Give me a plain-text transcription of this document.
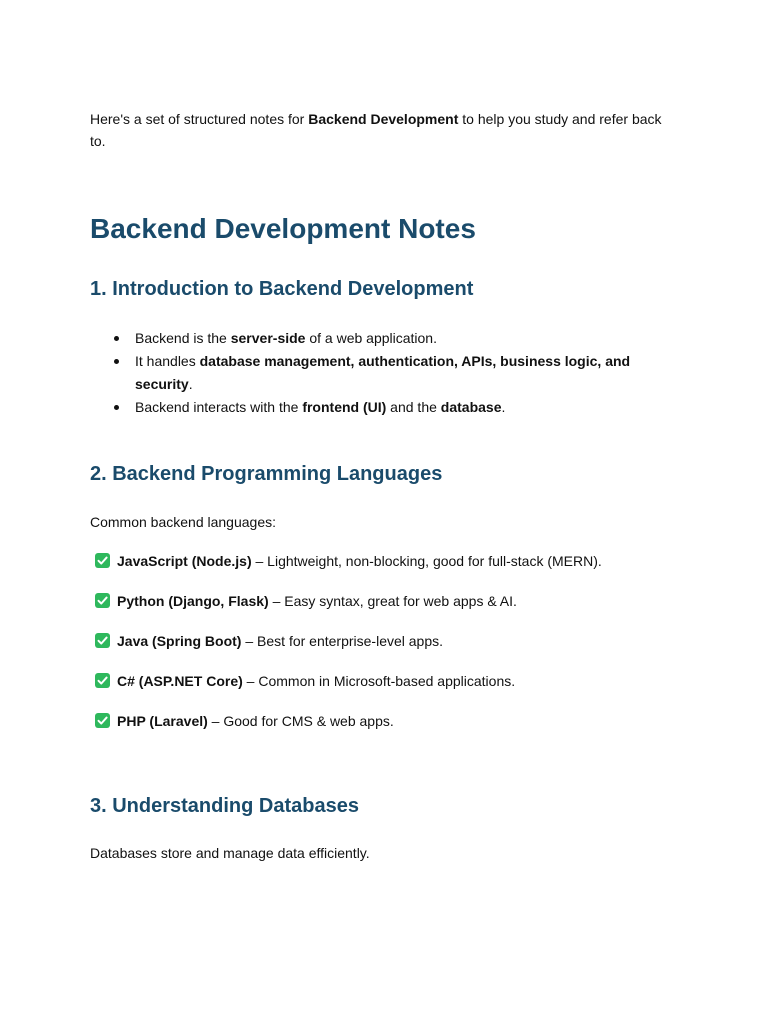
Here's a set of structured notes for Backend Development to help you study and refer back to.

Backend Development Notes
1. Introduction to Backend Development
Backend is the server-side of a web application.
It handles database management, authentication, APIs, business logic, and security.
Backend interacts with the frontend (UI) and the database.
2. Backend Programming Languages

Common backend languages:

JavaScript (Node.js) – Lightweight, non-blocking, good for full-stack (MERN).
Python (Django, Flask) – Easy syntax, great for web apps & AI.
Java (Spring Boot) – Best for enterprise-level apps.
C# (ASP.NET Core) – Common in Microsoft-based applications.
PHP (Laravel) – Good for CMS & web apps.
3. Understanding Databases

Databases store and manage data efficiently.
